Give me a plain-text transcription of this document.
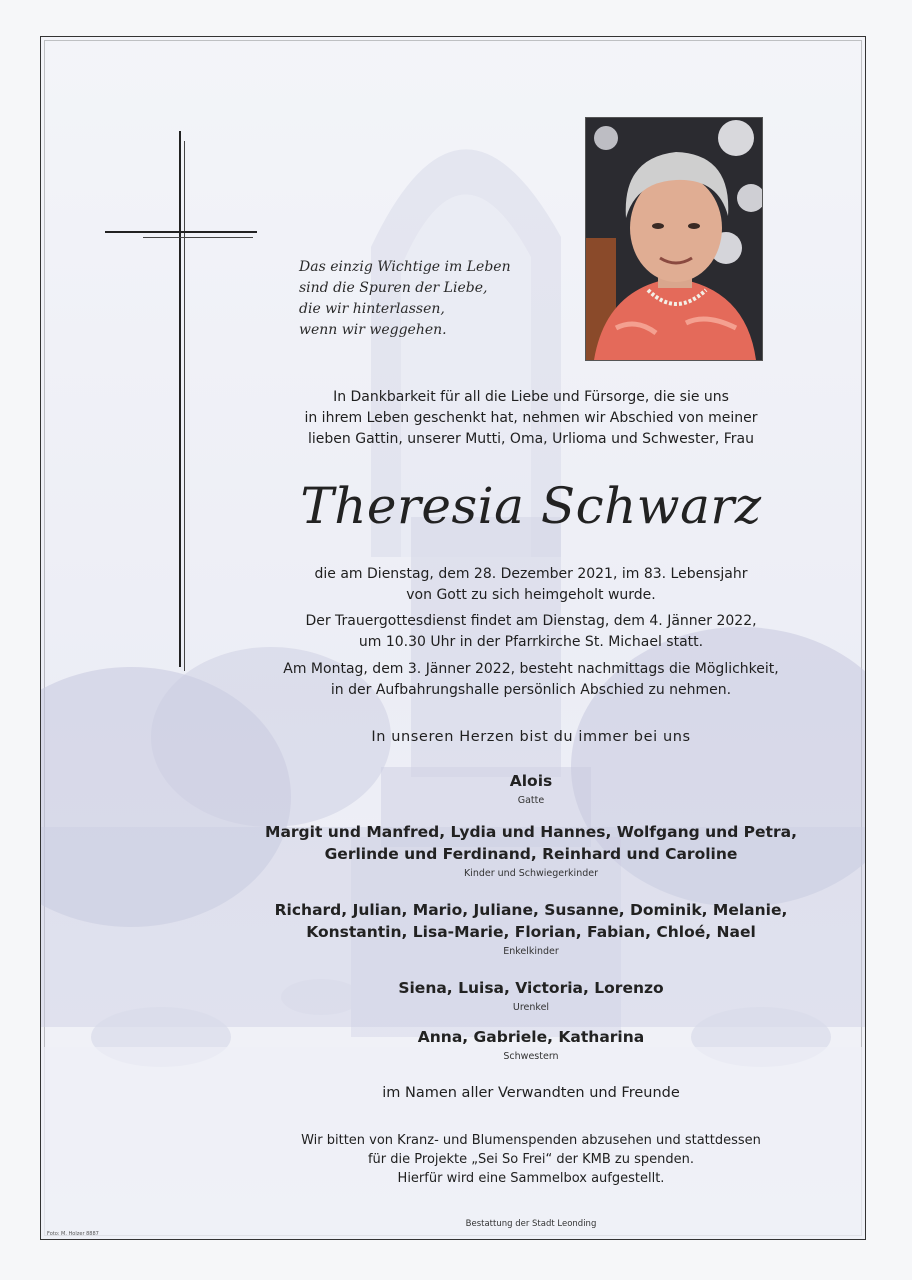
Das einzig Wichtige im Leben
sind die Spuren der Liebe,
die wir hinterlassen,
wenn wir weggehen.
In Dankbarkeit für all die Liebe und Fürsorge, die sie uns
in ihrem Leben geschenkt hat, nehmen wir Abschied von meiner
lieben Gattin, unserer Mutti, Oma, Urlioma und Schwester, Frau
Theresia Schwarz
die am Dienstag, dem 28. Dezember 2021, im 83. Lebensjahr
von Gott zu sich heimgeholt wurde.
Der Trauergottesdienst findet am Dienstag, dem 4. Jänner 2022,
um 10.30 Uhr in der Pfarrkirche St. Michael statt.
Am Montag, dem 3. Jänner 2022, besteht nachmittags die Möglichkeit,
in der Aufbahrungshalle persönlich Abschied zu nehmen.
In unseren Herzen bist du immer bei uns
Alois
Gatte
Margit und Manfred, Lydia und Hannes, Wolfgang und Petra,
Gerlinde und Ferdinand, Reinhard und Caroline
Kinder und Schwiegerkinder
Richard, Julian, Mario, Juliane, Susanne, Dominik, Melanie,
Konstantin, Lisa-Marie, Florian, Fabian, Chloé, Nael
Enkelkinder
Siena, Luisa, Victoria, Lorenzo
Urenkel
Anna, Gabriele, Katharina
Schwestern
im Namen aller Verwandten und Freunde
Wir bitten von Kranz- und Blumenspenden abzusehen und stattdessen
für die Projekte „Sei So Frei“ der KMB zu spenden.
Hierfür wird eine Sammelbox aufgestellt.
Bestattung der Stadt Leonding
Foto: M. Holzer 8887
